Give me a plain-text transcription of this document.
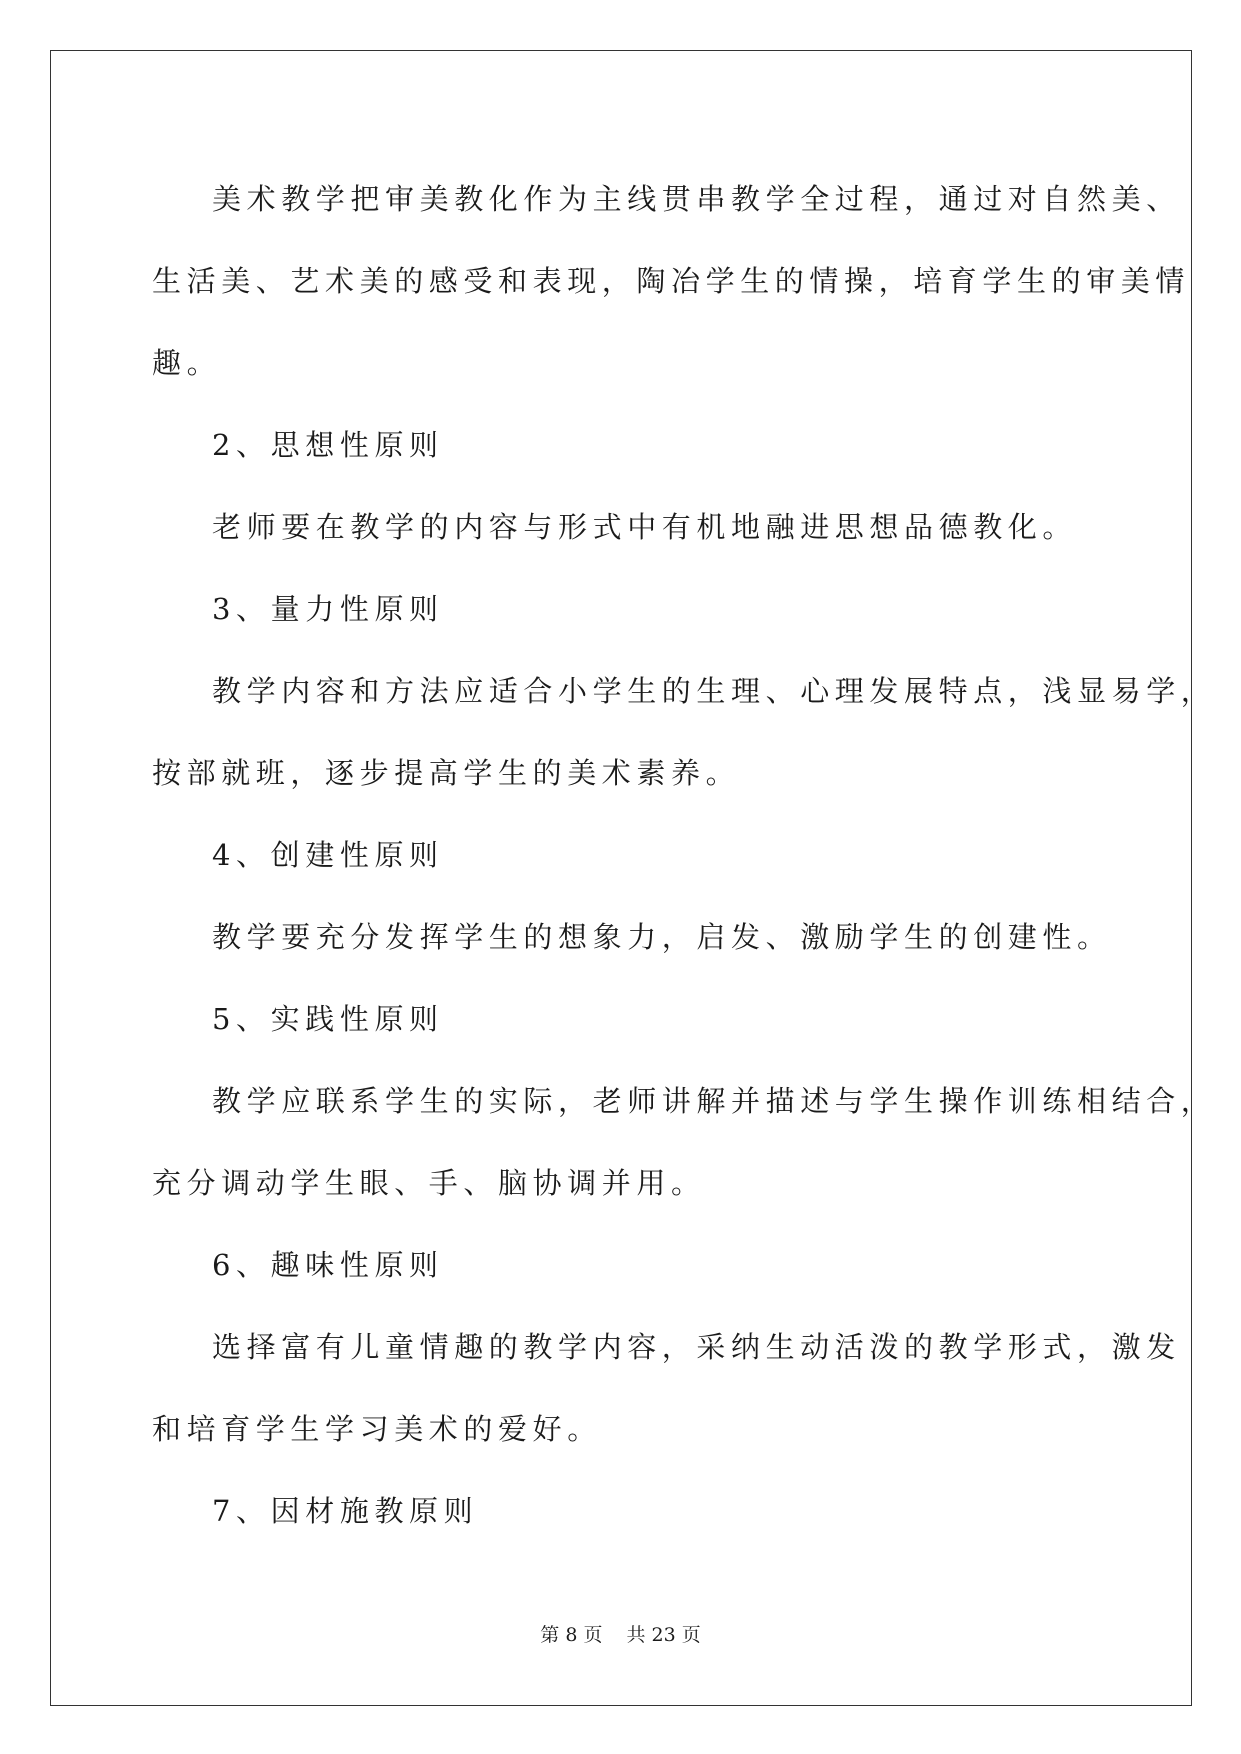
美术教学把审美教化作为主线贯串教学全过程，通过对自然美、
生活美、艺术美的感受和表现，陶冶学生的情操，培育学生的审美情
趣。
2、思想性原则
老师要在教学的内容与形式中有机地融进思想品德教化。
3、量力性原则
教学内容和方法应适合小学生的生理、心理发展特点，浅显易学，
按部就班，逐步提高学生的美术素养。
4、创建性原则
教学要充分发挥学生的想象力，启发、激励学生的创建性。
5、实践性原则
教学应联系学生的实际，老师讲解并描述与学生操作训练相结合，
充分调动学生眼、手、脑协调并用。
6、趣味性原则
选择富有儿童情趣的教学内容，采纳生动活泼的教学形式，激发
和培育学生学习美术的爱好。
7、因材施教原则
第 8 页 共 23 页
